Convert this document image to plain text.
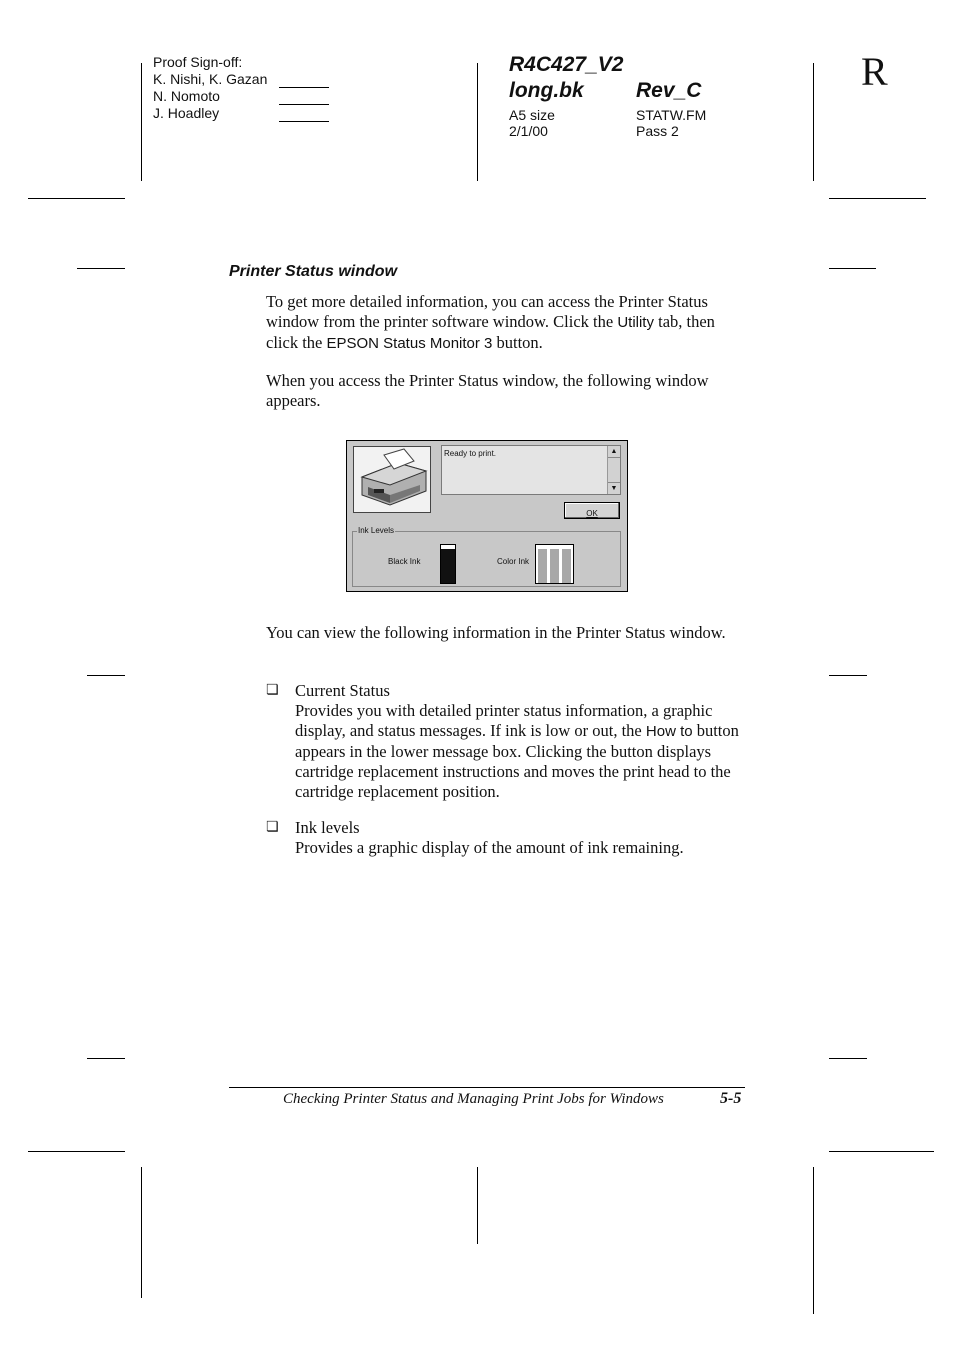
Proof Sign-off:
K. Nishi, K. Gazan
N. Nomoto
J. Hoadley
R4C427_V2
long.bk Rev_C
A5 size
2/1/00
STATW.FM
Pass 2
R
Printer Status window
To get more detailed information, you can access the Printer Status window from the printer software window. Click the Utility tab, then click the EPSON Status Monitor 3 button.
When you access the Printer Status window, the following window appears.
Ready to print.	▲
▼
OK
Ink Levels
Black Ink	Color Ink
You can view the following information in the Printer Status window.
❏ Current Status
Provides you with detailed printer status information, a graphic display, and status messages. If ink is low or out, the How to button appears in the lower message box. Clicking the button displays cartridge replacement instructions and moves the print head to the cartridge replacement position.
❏ Ink levels
Provides a graphic display of the amount of ink remaining.
Checking Printer Status and Managing Print Jobs for Windows	5-5
